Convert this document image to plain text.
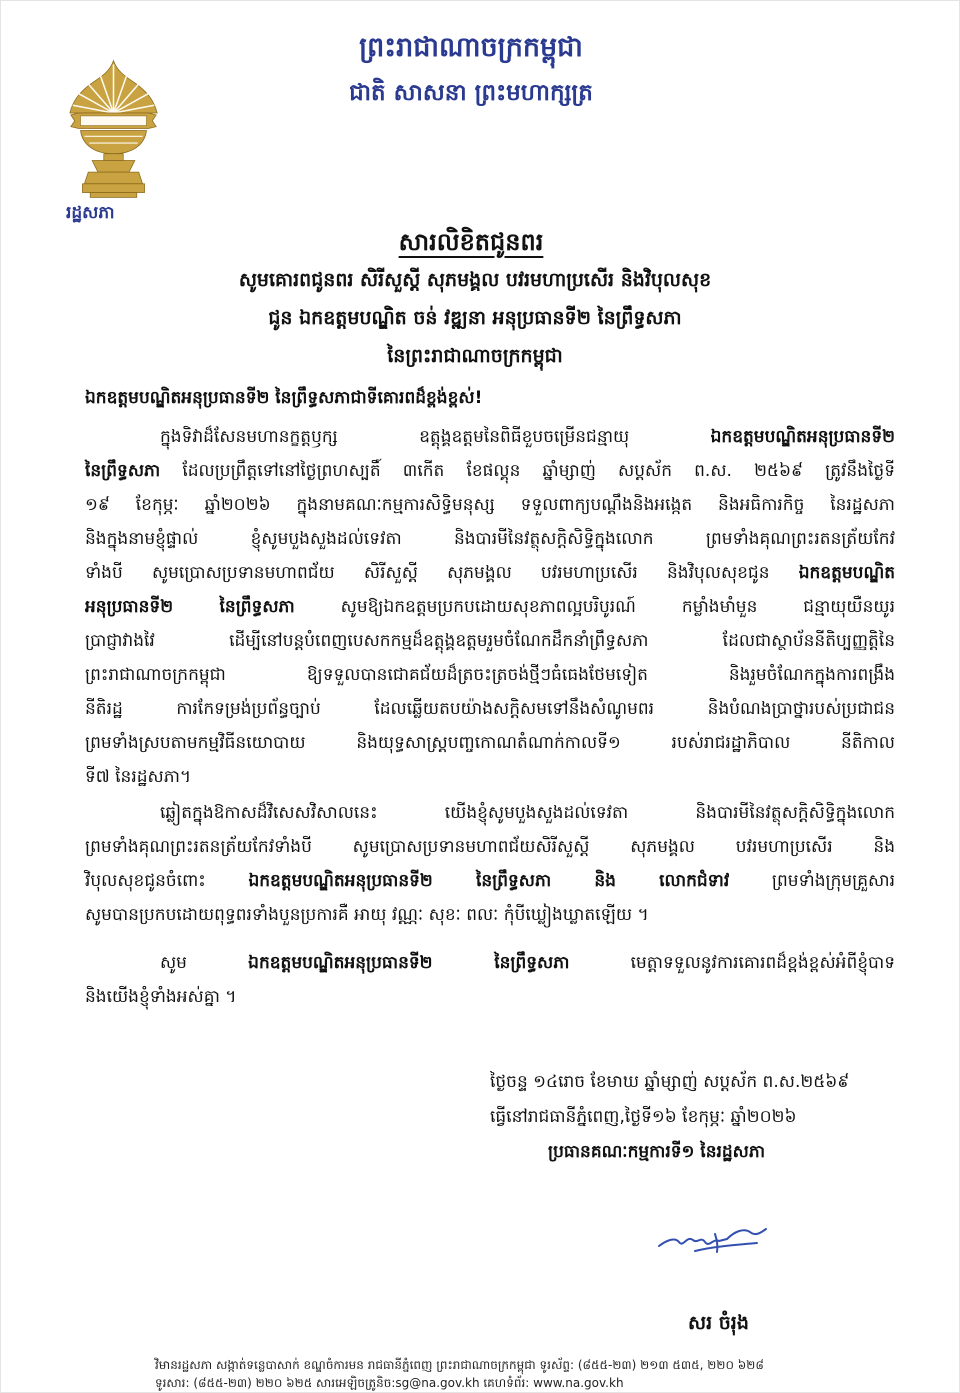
ព្រះរាជាណាចក្រកម្ពុជា
ជាតិ សាសនា ព្រះមហាក្សត្រ
រដ្ឋសភា
សារលិខិតជូនពរ
សូមគោរពជូនពរ សិរីសួស្តី សុភមង្គល បវរមហាប្រសើរ និងវិបុលសុខ
ជូន ឯកឧត្តមបណ្ឌិត ចន់ វឌ្ឍនា អនុប្រធានទី២ នៃព្រឹទ្ធសភា
នៃព្រះរាជាណាចក្រកម្ពុជា
ឯកឧត្តមបណ្ឌិតអនុប្រធានទី២ នៃព្រឹទ្ធសភាជាទីគោរពដ៏ខ្ពង់ខ្ពស់!
ក្នុងទិវាដ៏សែនមហានក្ខត្តឫក្ស ឧត្តុង្គឧត្តមនៃពិធីខួបចម្រើនជន្មាយុ ឯកឧត្តមបណ្ឌិតអនុប្រធានទី២
នៃព្រឹទ្ធសភា ដែលប្រព្រឹត្តទៅនៅថ្ងៃព្រហស្បតិ៍ ៣កើត ខែផល្គុន ឆ្នាំម្សាញ់ សប្តស័ក ព.ស. ២៥៦៩ ត្រូវនឹងថ្ងៃទី
១៩ ខែកុម្ភៈ ឆ្នាំ២០២៦ ក្នុងនាមគណៈកម្មការសិទ្ធិមនុស្ស ទទួលពាក្យបណ្តឹងនិងអង្កេត និងអធិការកិច្ច នៃរដ្ឋសភា
និងក្នុងនាមខ្ញុំផ្ទាល់ ខ្ញុំសូមបួងសួងដល់ទេវតា និងបារមីនៃវត្ថុសក្តិសិទ្ធិក្នុងលោក ព្រមទាំងគុណព្រះរតនត្រ័យកែវ
ទាំងបី សូមប្រោសប្រទានមហាពជ័យ សិរីសួស្តី សុភមង្គល បវរមហាប្រសើរ និងវិបុលសុខជូន ឯកឧត្តមបណ្ឌិត
អនុប្រធានទី២ នៃព្រឹទ្ធសភា សូមឱ្យឯកឧត្តមប្រកបដោយសុខភាពល្អបរិបូរណ៍ កម្លាំងមាំមួន ជន្មាយុយឺនយូរ
ប្រាជ្ញាវាងវៃ ដើម្បីនៅបន្តបំពេញបេសកកម្មដ៏ឧត្តុង្គឧត្តមរួមចំណែកដឹកនាំព្រឹទ្ធសភា ដែលជាស្ថាប័ននីតិប្បញ្ញត្តិនៃ
ព្រះរាជាណាចក្រកម្ពុជា ឱ្យទទួលបានជោគជ័យដ៏ត្រចះត្រចង់ថ្មីៗធំធេងថែមទៀត និងរួមចំណែកក្នុងការពង្រឹង
នីតិរដ្ឋ ការកែទម្រង់ប្រព័ន្ធច្បាប់ ដែលឆ្លើយតបយ៉ាងសក្តិសមទៅនឹងសំណូមពរ និងបំណងប្រាថ្នារបស់ប្រជាជន
ព្រមទាំងស្របតាមកម្មវិធីនយោបាយ និងយុទ្ធសាស្ត្របញ្ចកោណតំណាក់កាលទី១ របស់រាជរដ្ឋាភិបាល នីតិកាល
ទី៧ នៃរដ្ឋសភា។
ឆ្លៀតក្នុងឱកាសដ៏វិសេសវិសាលនេះ យើងខ្ញុំសូមបួងសួងដល់ទេវតា និងបារមីនៃវត្ថុសក្តិសិទ្ធិក្នុងលោក
ព្រមទាំងគុណព្រះរតនត្រ័យកែវទាំងបី សូមប្រោសប្រទានមហាពជ័យសិរីសួស្តី សុភមង្គល បវរមហាប្រសើរ និង
វិបុលសុខជូនចំពោះ ឯកឧត្តមបណ្ឌិតអនុប្រធានទី២ នៃព្រឹទ្ធសភា និង លោកជំទាវ ព្រមទាំងក្រុមគ្រួសារ
សូមបានប្រកបដោយពុទ្ធពរទាំងបួនប្រការគឺ អាយុ វណ្ណៈ សុខៈ ពលៈ កុំបីឃ្លៀងឃ្លាតឡើយ ។
សូម ឯកឧត្តមបណ្ឌិតអនុប្រធានទី២ នៃព្រឹទ្ធសភា មេត្តាទទួលនូវការគោរពដ៏ខ្ពង់ខ្ពស់អំពីខ្ញុំបាទ
និងយើងខ្ញុំទាំងអស់គ្នា ។
ថ្ងៃចន្ទ ១៤រោច ខែមាឃ ឆ្នាំម្សាញ់ សប្តស័ក ព.ស.២៥៦៩
ធ្វើនៅរាជធានីភ្នំពេញ,ថ្ងៃទី១៦ ខែកុម្ភៈ ឆ្នាំ២០២៦
ប្រធានគណៈកម្មការទី១ នៃរដ្ឋសភា
សរ ចំរុង
វិមានរដ្ឋសភា សង្កាត់ទន្លេបាសាក់ ខណ្ឌចំការមន រាជធានីភ្នំពេញ ព្រះរាជាណាចក្រកម្ពុជា ទូរស័ព្ទ: (៨៥៥-២៣) ២១៣ ៥៣៥, ២២០ ៦២៨
ទូរសារ: (៨៥៥-២៣) ២២០ ៦២៥ សារអេឡិចត្រូនិច:sg@na.gov.kh គេហទំព័រ: www.na.gov.kh
